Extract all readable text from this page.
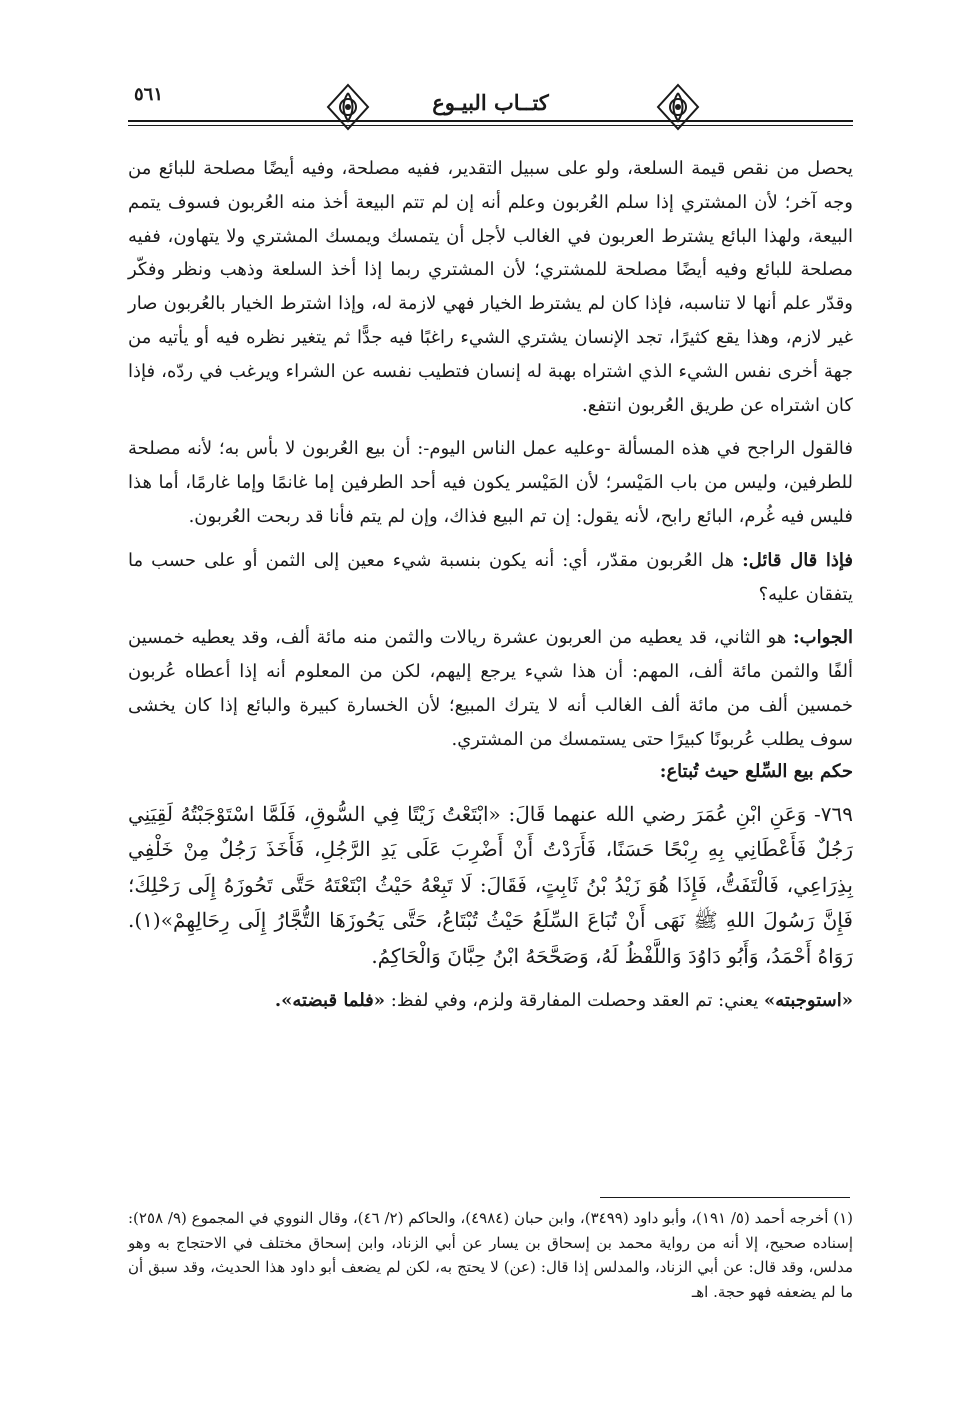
٥٦١	كتــاب البيـوع

يحصل من نقص قيمة السلعة، ولو على سبيل التقدير، ففيه مصلحة، وفيه أيضًا مصلحة للبائع من وجه آخر؛ لأن المشتري إذا سلم العُربون وعلم أنه إن لم تتم البيعة أخذ منه العُربون فسوف يتمم البيعة، ولهذا البائع يشترط العربون في الغالب لأجل أن يتمسك ويمسك المشتري ولا يتهاون، ففيه مصلحة للبائع وفيه أيضًا مصلحة للمشتري؛ لأن المشتري ربما إذا أخذ السلعة وذهب ونظر وفكّر وقدّر علم أنها لا تناسبه، فإذا كان لم يشترط الخيار فهي لازمة له، وإذا اشترط الخيار بالعُربون صار غير لازم، وهذا يقع كثيرًا، تجد الإنسان يشتري الشيء راغبًا فيه جدًّا ثم يتغير نظره فيه أو يأتيه من جهة أخرى نفس الشيء الذي اشتراه بهبة له إنسان فتطيب نفسه عن الشراء ويرغب في ردّه، فإذا كان اشتراه عن طريق العُربون انتفع.

فالقول الراجح في هذه المسألة -وعليه عمل الناس اليوم-: أن بيع العُربون لا بأس به؛ لأنه مصلحة للطرفين، وليس من باب المَيْسر؛ لأن المَيْسر يكون فيه أحد الطرفين إما غانمًا وإما غارمًا، أما هذا فليس فيه غُرم، البائع رابح، لأنه يقول: إن تم البيع فذاك، وإن لم يتم فأنا قد ربحت العُربون.

فإذا قال قائل: هل العُربون مقدّر، أي: أنه يكون بنسبة شيء معين إلى الثمن أو على حسب ما يتفقان عليه؟

الجواب: هو الثاني، قد يعطيه من العربون عشرة ريالات والثمن منه مائة ألف، وقد يعطيه خمسين ألفًا والثمن مائة ألف، المهم: أن هذا شيء يرجع إليهم، لكن من المعلوم أنه إذا أعطاه عُربون خمسين ألف من مائة ألف الغالب أنه لا يترك المبيع؛ لأن الخسارة كبيرة والبائع إذا كان يخشى سوف يطلب عُربونًا كبيرًا حتى يستمسك من المشتري.

حكم بيع السِّلع حيث تُبتاع:

٧٦٩- وَعَنِ ابْنِ عُمَرَ رضي الله عنهما قَالَ: «ابْتَعْتُ زَيْتًا فِي السُّوقِ، فَلَمَّا اسْتَوْجَبْتُهُ لَقِيَنِي رَجُلٌ فَأَعْطَانِي بِهِ رِبْحًا حَسَنًا، فَأَرَدْتُ أَنْ أَضْرِبَ عَلَى يَدِ الرَّجُلِ، فَأَخَذَ رَجُلٌ مِنْ خَلْفِي بِذِرَاعِي، فَالْتَفَتُّ، فَإِذَا هُوَ زَيْدُ بْنُ ثَابِتٍ، فَقَالَ: لَا تَبِعْهُ حَيْثُ ابْتَعْتَهُ حَتَّى تَحُوزَهُ إِلَى رَحْلِكَ؛ فَإِنَّ رَسُولَ اللهِ ﷺ نَهَى أَنْ تُبَاعَ السِّلَعُ حَيْثُ تُبْتَاعُ، حَتَّى يَحُوزَهَا التُّجَّارُ إِلَى رِحَالِهِمْ»(١). رَوَاهُ أَحْمَدُ، وَأَبُو دَاوُدَ وَاللَّفْظُ لَهُ، وَصَحَّحَهُ ابْنُ حِبَّانَ وَالْحَاكِمُ.

«استوجبته» يعني: تم العقد وحصلت المفارقة ولزم، وفي لفظ: «فلما قبضته».

(١) أخرجه أحمد (٥/ ١٩١)، وأبو داود (٣٤٩٩)، وابن حبان (٤٩٨٤)، والحاكم (٢/ ٤٦)، وقال النووي في المجموع (٩/ ٢٥٨): إسناده صحيح، إلا أنه من رواية محمد بن إسحاق بن يسار عن أبي الزناد، وابن إسحاق مختلف في الاحتجاج به وهو مدلس، وقد قال: عن أبي الزناد، والمدلس إذا قال: (عن) لا يحتج به، لكن لم يضعف أبو داود هذا الحديث، وقد سبق أن ما لم يضعفه فهو حجة. اهـ
